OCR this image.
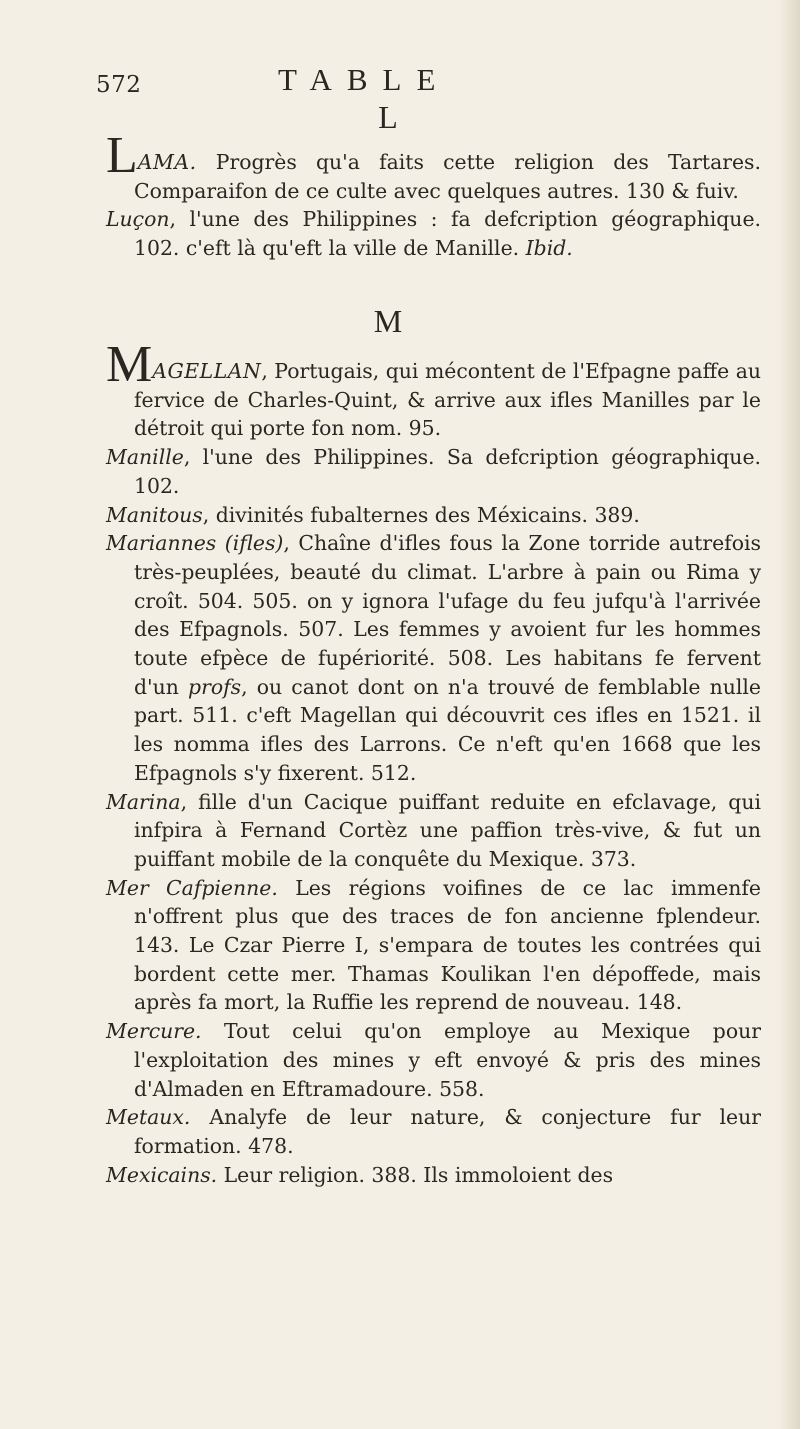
572	TABLE
L

LAMA. Progrès qu'a faits cette religion des Tartares. Comparaifon de ce culte avec quelques autres. 130 & fuiv.

Luçon, l'une des Philippines : fa defcription géographique. 102. c'eft là qu'eft la ville de Manille. Ibid.

M

MAGELLAN, Portugais, qui mécontent de l'Efpagne paffe au fervice de Charles-Quint, & arrive aux ifles Manilles par le détroit qui porte fon nom. 95.

Manille, l'une des Philippines. Sa defcription géographique. 102.

Manitous, divinités fubalternes des Méxicains. 389.

Mariannes (ifles), Chaîne d'ifles fous la Zone torride autrefois très-peuplées, beauté du climat. L'arbre à pain ou Rima y croît. 504. 505. on y ignora l'ufage du feu jufqu'à l'arrivée des Efpagnols. 507. Les femmes y avoient fur les hommes toute efpèce de fupériorité. 508. Les habitans fe fervent d'un profs, ou canot dont on n'a trouvé de femblable nulle part. 511. c'eft Magellan qui découvrit ces ifles en 1521. il les nomma ifles des Larrons. Ce n'eft qu'en 1668 que les Efpagnols s'y fixerent. 512.

Marina, fille d'un Cacique puiffant reduite en efclavage, qui infpira à Fernand Cortèz une paffion très-vive, & fut un puiffant mobile de la conquête du Mexique. 373.

Mer Cafpienne. Les régions voifines de ce lac immenfe n'offrent plus que des traces de fon ancienne fplendeur. 143. Le Czar Pierre I, s'empara de toutes les contrées qui bordent cette mer. Thamas Koulikan l'en dépoffede, mais après fa mort, la Ruffie les reprend de nouveau. 148.

Mercure. Tout celui qu'on employe au Mexique pour l'exploitation des mines y eft envoyé & pris des mines d'Almaden en Eftramadoure. 558.

Metaux. Analyfe de leur nature, & conjecture fur leur formation. 478.

Mexicains. Leur religion. 388. Ils immoloient des
